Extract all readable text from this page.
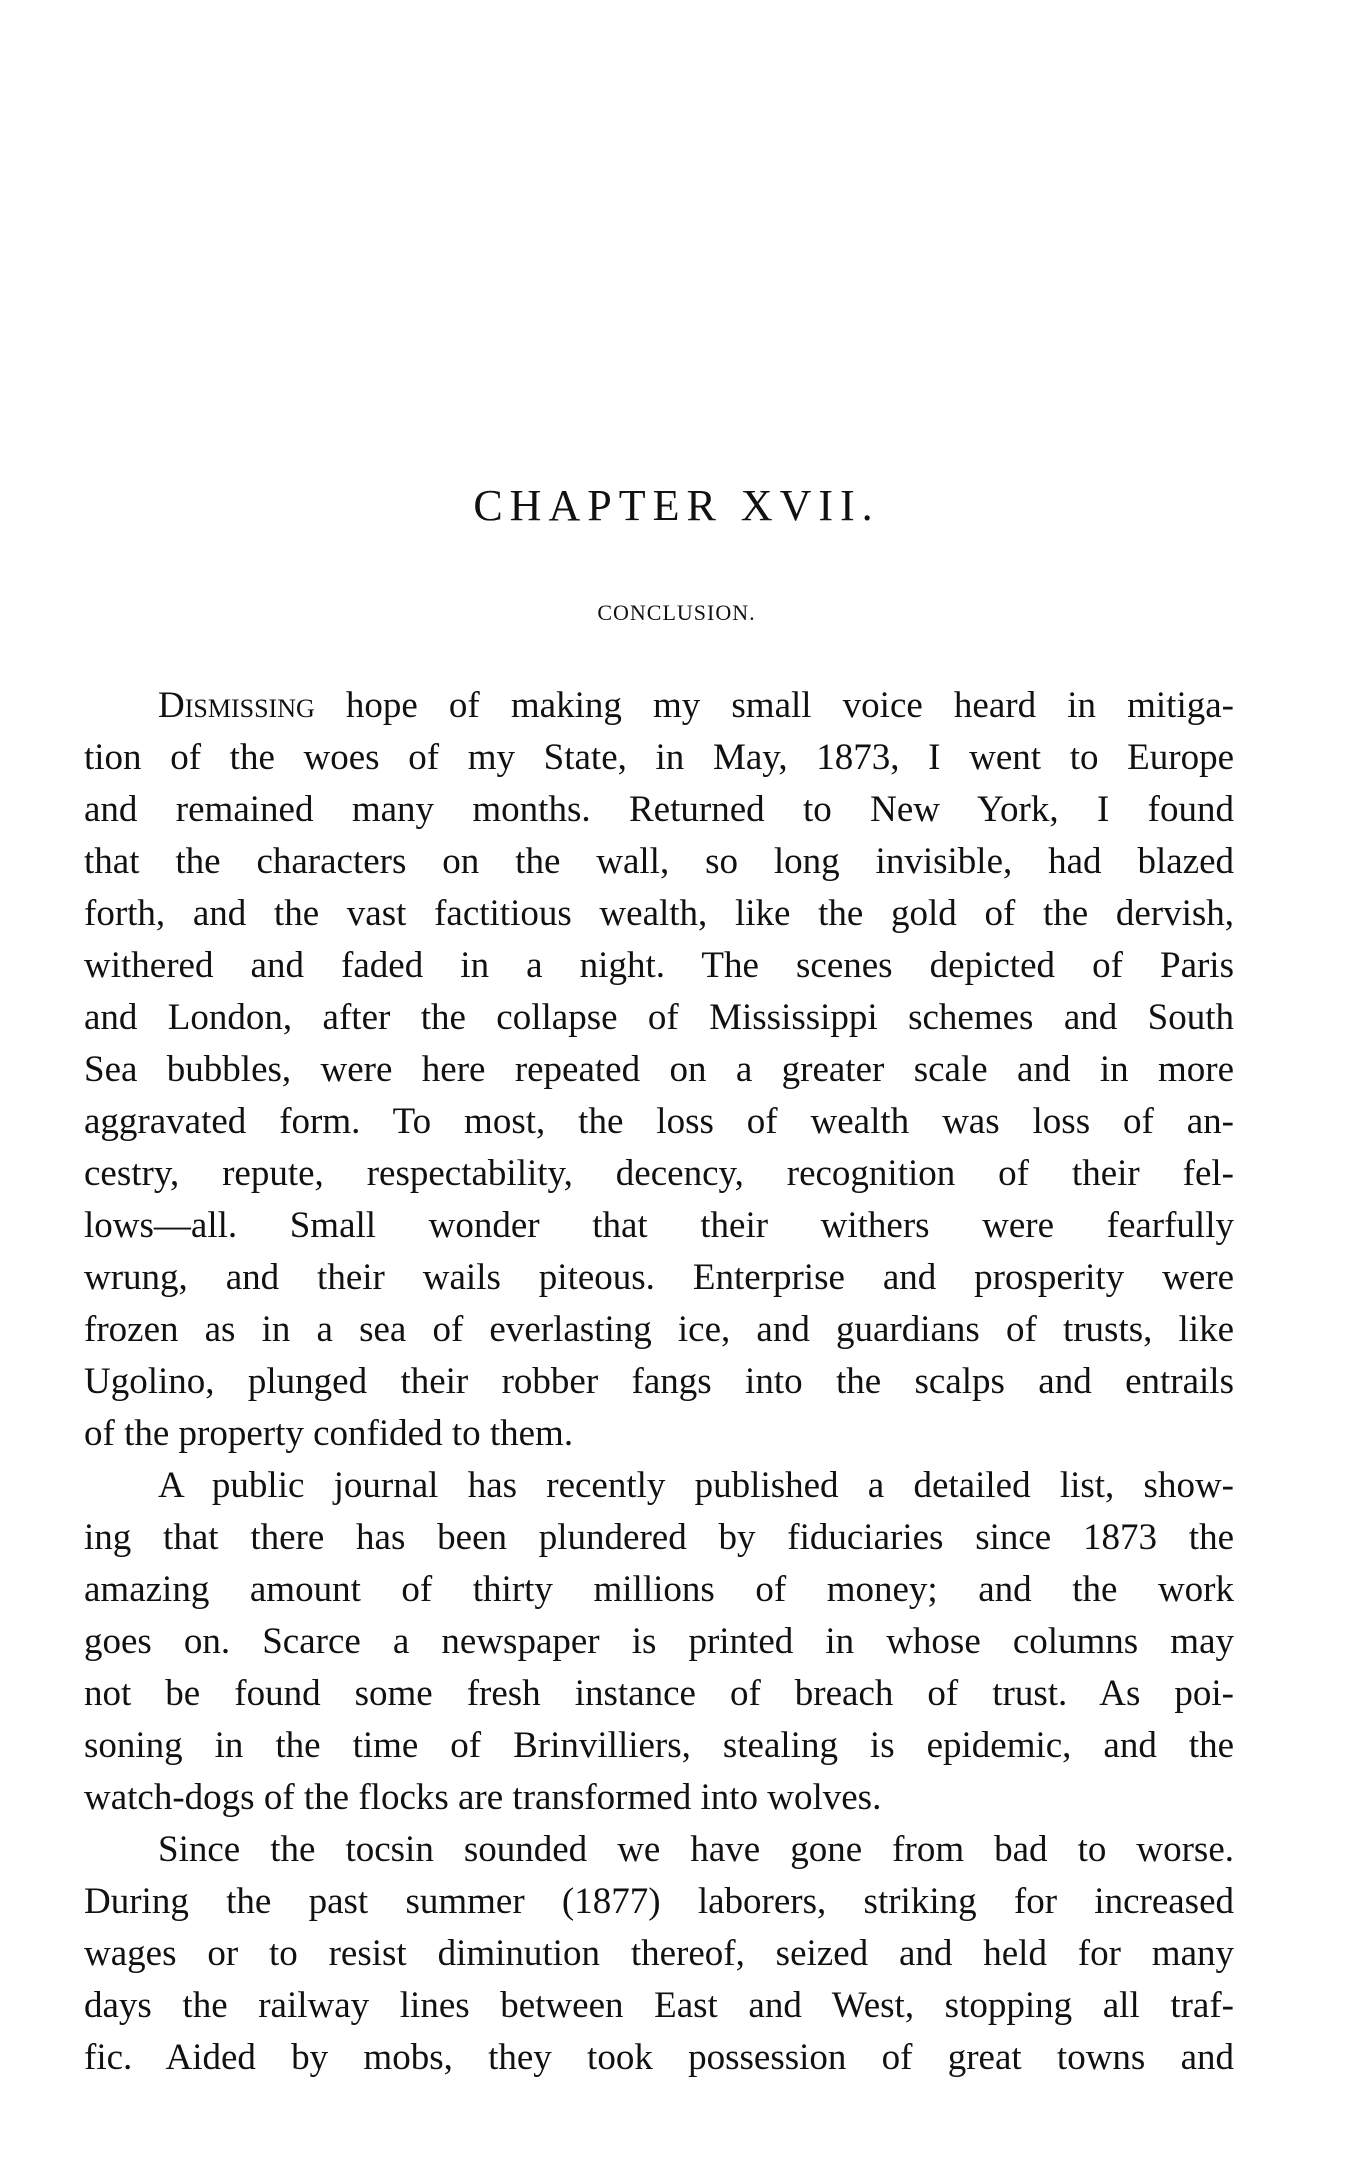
CHAPTER XVII.
CONCLUSION.
Dismissing hope of making my small voice heard in mitiga-
tion of the woes of my State, in May, 1873, I went to Europe
and remained many months. Returned to New York, I found
that the characters on the wall, so long invisible, had blazed
forth, and the vast factitious wealth, like the gold of the dervish,
withered and faded in a night. The scenes depicted of Paris
and London, after the collapse of Mississippi schemes and South
Sea bubbles, were here repeated on a greater scale and in more
aggravated form. To most, the loss of wealth was loss of an-
cestry, repute, respectability, decency, recognition of their fel-
lows—all. Small wonder that their withers were fearfully
wrung, and their wails piteous. Enterprise and prosperity were
frozen as in a sea of everlasting ice, and guardians of trusts, like
Ugolino, plunged their robber fangs into the scalps and entrails
of the property confided to them.
A public journal has recently published a detailed list, show-
ing that there has been plundered by fiduciaries since 1873 the
amazing amount of thirty millions of money; and the work
goes on. Scarce a newspaper is printed in whose columns may
not be found some fresh instance of breach of trust. As poi-
soning in the time of Brinvilliers, stealing is epidemic, and the
watch-dogs of the flocks are transformed into wolves.
Since the tocsin sounded we have gone from bad to worse.
During the past summer (1877) laborers, striking for increased
wages or to resist diminution thereof, seized and held for many
days the railway lines between East and West, stopping all traf-
fic. Aided by mobs, they took possession of great towns and
